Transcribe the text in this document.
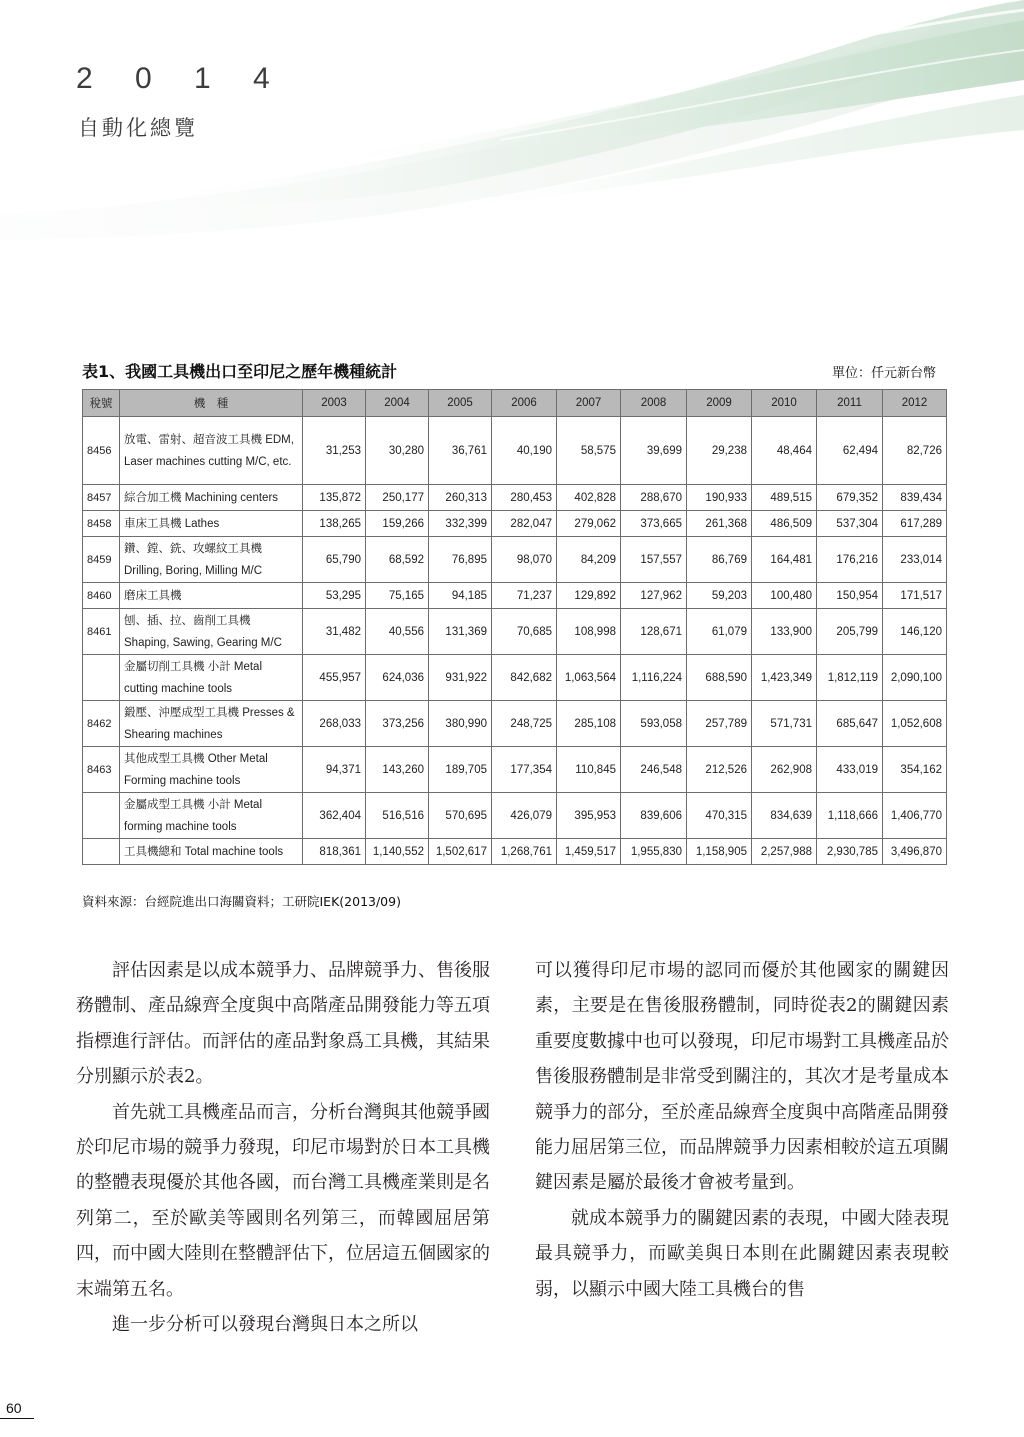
2 0 1 4
自動化總覽
表1、我國工具機出口至印尼之歷年機種統計	單位：仟元新台幣
稅號	機　種	2003	2004	2005	2006	2007	2008	2009	2010	2011	2012
8456	放電、雷射、超音波工具機 EDM, Laser machines cutting M/C, etc.	31,253	30,280	36,761	40,190	58,575	39,699	29,238	48,464	62,494	82,726
8457	綜合加工機 Machining centers	135,872	250,177	260,313	280,453	402,828	288,670	190,933	489,515	679,352	839,434
8458	車床工具機 Lathes	138,265	159,266	332,399	282,047	279,062	373,665	261,368	486,509	537,304	617,289
8459	鑽、鏜、銑、攻螺紋工具機 Drilling, Boring, Milling M/C	65,790	68,592	76,895	98,070	84,209	157,557	86,769	164,481	176,216	233,014
8460	磨床工具機	53,295	75,165	94,185	71,237	129,892	127,962	59,203	100,480	150,954	171,517
8461	刨、插、拉、齒削工具機 Shaping, Sawing, Gearing M/C	31,482	40,556	131,369	70,685	108,998	128,671	61,079	133,900	205,799	146,120
	金屬切削工具機 小計 Metal cutting machine tools	455,957	624,036	931,922	842,682	1,063,564	1,116,224	688,590	1,423,349	1,812,119	2,090,100
8462	鍛壓、沖壓成型工具機 Presses & Shearing machines	268,033	373,256	380,990	248,725	285,108	593,058	257,789	571,731	685,647	1,052,608
8463	其他成型工具機 Other Metal Forming machine tools	94,371	143,260	189,705	177,354	110,845	246,548	212,526	262,908	433,019	354,162
	金屬成型工具機 小計 Metal forming machine tools	362,404	516,516	570,695	426,079	395,953	839,606	470,315	834,639	1,118,666	1,406,770
	工具機總和 Total machine tools	818,361	1,140,552	1,502,617	1,268,761	1,459,517	1,955,830	1,158,905	2,257,988	2,930,785	3,496,870
資料來源：台經院進出口海關資料；工研院IEK(2013/09)

評估因素是以成本競爭力、品牌競爭力、售後服務體制、產品線齊全度與中高階產品開發能力等五項指標進行評估。而評估的產品對象爲工具機，其結果分別顯示於表2。

首先就工具機產品而言，分析台灣與其他競爭國於印尼市場的競爭力發現，印尼市場對於日本工具機的整體表現優於其他各國，而台灣工具機產業則是名列第二，至於歐美等國則名列第三，而韓國屈居第四，而中國大陸則在整體評估下，位居這五個國家的末端第五名。

進一步分析可以發現台灣與日本之所以

可以獲得印尼市場的認同而優於其他國家的關鍵因素，主要是在售後服務體制，同時從表2的關鍵因素重要度數據中也可以發現，印尼市場對工具機產品於售後服務體制是非常受到關注的，其次才是考量成本競爭力的部分，至於產品線齊全度與中高階產品開發能力屈居第三位，而品牌競爭力因素相較於這五項關鍵因素是屬於最後才會被考量到。

就成本競爭力的關鍵因素的表現，中國大陸表現最具競爭力，而歐美與日本則在此關鍵因素表現較弱，以顯示中國大陸工具機台的售

60
